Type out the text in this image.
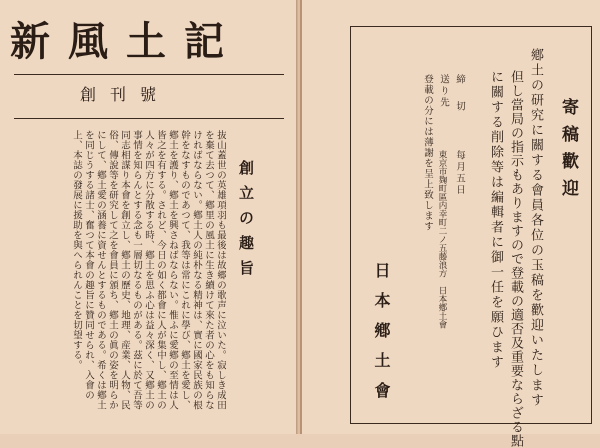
新風土記
創刊號
抜山蓋世の英雄項羽も最後は故郷の歌声に泣いた。寂しき成田を棄て去つて、鄕里の風土に生き續けて來た者の心をも知らなければならない。鄕土人の純朴なる精神は、實に國家民族の根幹をなすものであつて、我等は常にこれに學び、鄕土を愛し、鄕土を護り、鄕土を興さねばならない。惟ふに愛鄕の至情は人皆之を有する。されど、今日の如く都會に人が集中し、鄕土の人々が四方に分散する時、鄕土を思ふ心は益々深く、又鄕土の事情を知らんとする念も一層切なるものがある。茲に於て吾等同志相謀り本會を創立し、鄕土の歷史、地理、産業、人物、民俗、傳說等を研究して之を會員に頒ち、鄕土の眞の姿を明らかにして、鄕土愛の涵養に資せんとするものである。希くは鄕土を同じうする諸士、奮つて本會の趣旨に贊同せられ、入會の上、本誌の發展に援助を與へられんことを切望する。	創立の趣旨
寄稿歡迎
鄕土の研究に關する會員各位の玉稿を歡迎いたします
但し當局の指示もありますので登載の適否及重要ならざる點
に關する削除等は編輯者に御一任を願ひます
締　切
每月五日
送り先
東京市麹町區内幸町二ノ五藤浪方　日本鄕土會
登載の分には薄謝を呈上致します
日本鄕土會
